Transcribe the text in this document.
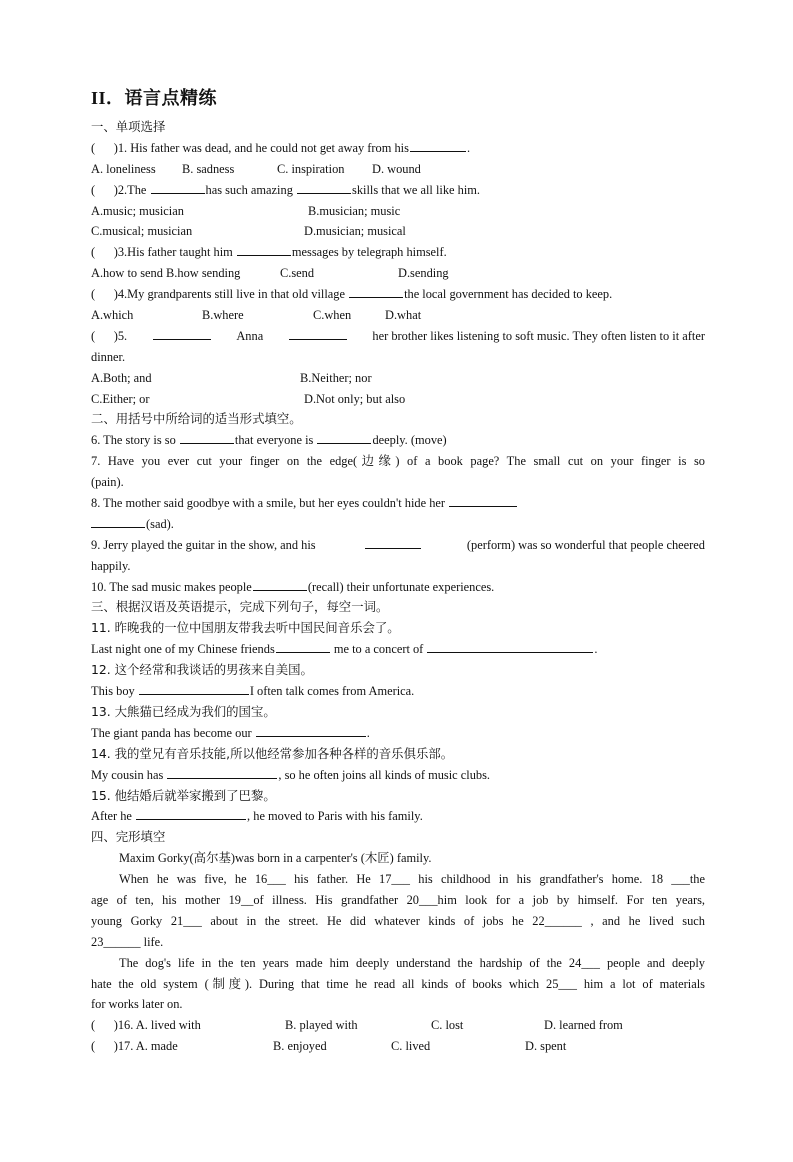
II．语言点精练
一、单项选择
(      )1. His father was dead, and he could not get away from his	.

A. loneliness

B. sadness

	C. inspiration

D. wound

(      )2.The	has such amazing	skills that we all like him.

A.music; musician

	B.musician; music

C.musical; musician

	D.musician; musical

(      )3.His father taught him	messages by telegraph himself.

A.how to send B.how sending

	C.send

	D.sending

(      )4.My grandparents still live in that old village	the local government has decided to keep.

A.which

	B.where

	C.when

	D.what

(      )5.	Anna	her brother likes listening to soft music. They often listen to it after
dinner.

A.Both; and

	B.Neither; nor

C.Either; or

	D.Not only; but also

二、用括号中所给词的适当形式填空。
6. The story is so	that everyone is	deeply. (move)
7. Have you ever cut your finger on the edge(边缘) of a book page? The small cut on your finger is so
(pain).
8. The mother said goodbye with a smile, but her eyes couldn't hide her
(sad).
9. Jerry played the guitar in the show, and his	(perform) was so wonderful that people cheered
happily.
10. The sad music makes people	(recall) their unfortunate experiences.
三、根据汉语及英语提示，完成下列句子，每空一词。
11. 昨晚我的一位中国朋友带我去听中国民间音乐会了。
Last night one of my Chinese friends	me to a concert of	.
12. 这个经常和我谈话的男孩来自美国。
This boy	I often talk comes from America.
13. 大熊猫已经成为我们的国宝。
The giant panda has become our	.
14. 我的堂兄有音乐技能,所以他经常参加各种各样的音乐俱乐部。
My cousin has	, so he often joins all kinds of music clubs.
15. 他结婚后就举家搬到了巴黎。
After he	, he moved to Paris with his family.
四、完形填空
Maxim Gorky(高尔基)was born in a carpenter's (木匠) family.
When he was five, he 16___ his father. He 17___ his childhood in his grandfather's home. 18 ___the
age of ten, his mother 19__of illness. His grandfather 20___him look for a job by himself. For ten years,
young Gorky 21___ about in the street. He did whatever kinds of jobs he 22______ , and he lived such
23______ life.
The dog's life in the ten years made him deeply understand the hardship of the 24___ people and deeply
hate the old system (制度). During that time he read all kinds of books which 25___ him a lot of materials
for works later on.

(      )16. A. lived with

	B. played with

	C. lost

	D. learned from

(      )17. A. made

	B. enjoyed

	C. lived

	D. spent
